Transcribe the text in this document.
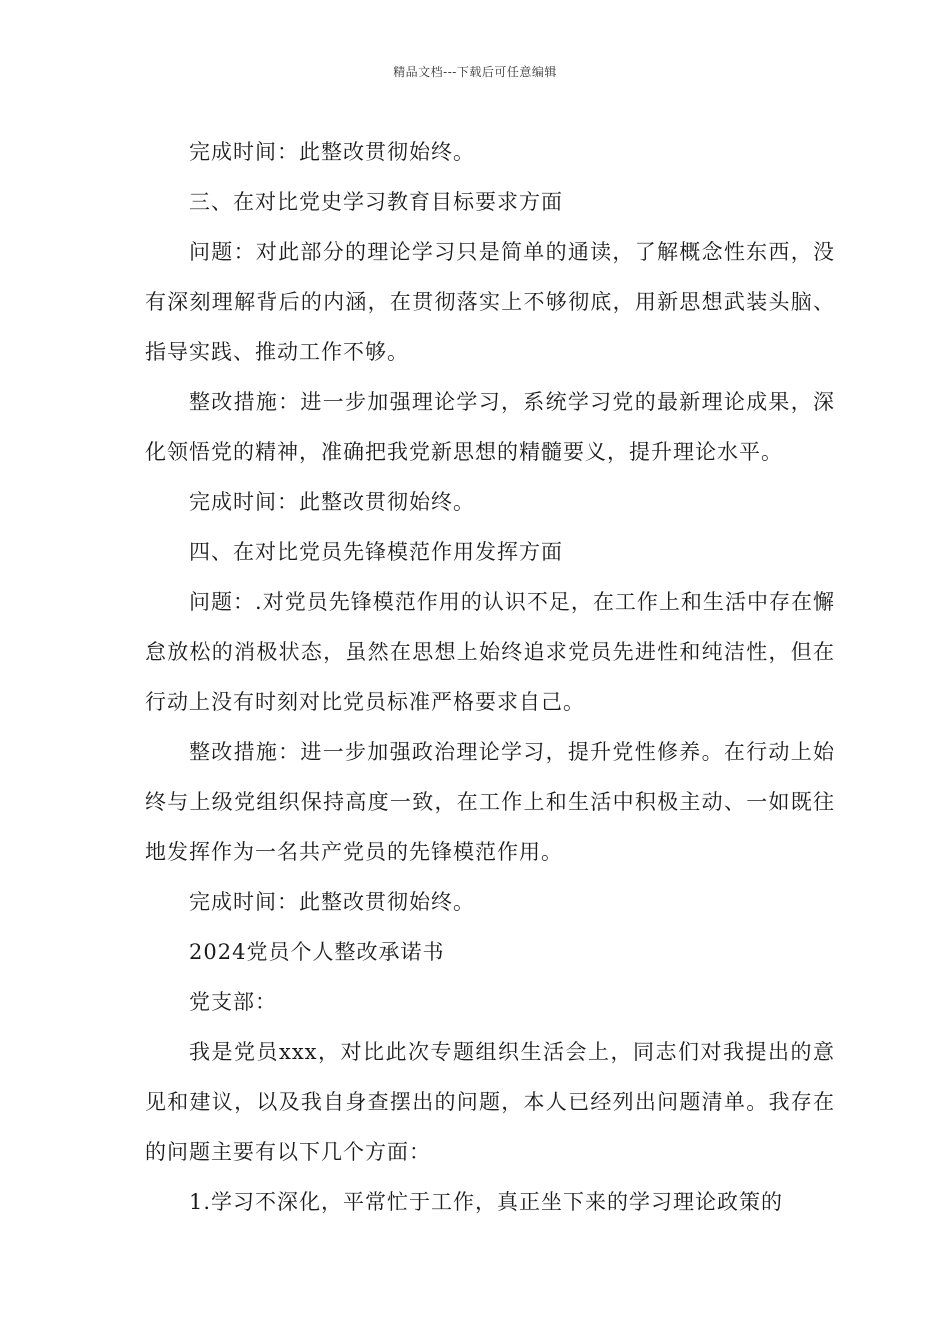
精品文档---下载后可任意编辑

完成时间：此整改贯彻始终。

三、在对比党史学习教育目标要求方面

问题：对此部分的理论学习只是简单的通读，了解概念性东西，没有深刻理解背后的内涵，在贯彻落实上不够彻底，用新思想武装头脑、指导实践、推动工作不够。

整改措施：进一步加强理论学习，系统学习党的最新理论成果，深化领悟党的精神，准确把我党新思想的精髓要义，提升理论水平。

完成时间：此整改贯彻始终。

四、在对比党员先锋模范作用发挥方面

问题：.对党员先锋模范作用的认识不足，在工作上和生活中存在懈怠放松的消极状态，虽然在思想上始终追求党员先进性和纯洁性，但在行动上没有时刻对比党员标准严格要求自己。

整改措施：进一步加强政治理论学习，提升党性修养。在行动上始终与上级党组织保持高度一致，在工作上和生活中积极主动、一如既往地发挥作为一名共产党员的先锋模范作用。

完成时间：此整改贯彻始终。

2024党员个人整改承诺书

党支部：

我是党员xxx，对比此次专题组织生活会上，同志们对我提出的意见和建议，以及我自身查摆出的问题，本人已经列出问题清单。我存在的问题主要有以下几个方面：

1.学习不深化，平常忙于工作，真正坐下来的学习理论政策的
